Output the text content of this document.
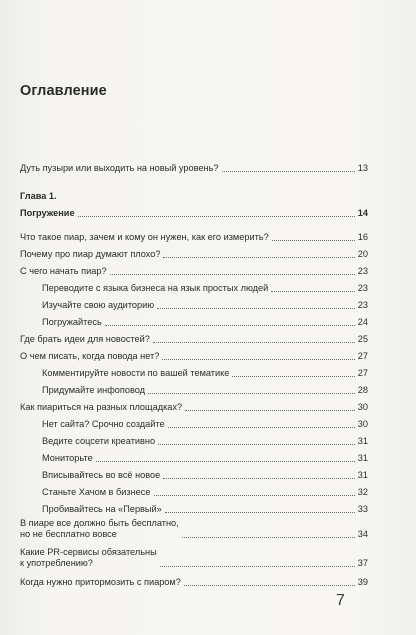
Оглавление
Дуть пузыри или выходить на новый уровень?	13
Глава 1.
Погружение	14
Что такое пиар, зачем и кому он нужен, как его измерить?	16
Почему про пиар думают плохо?	20
С чего начать пиар?	23
Переводите с языка бизнеса на язык простых людей	23
Изучайте свою аудиторию	23
Погружайтесь	24
Где брать идеи для новостей?	25
О чем писать, когда повода нет?	27
Комментируйте новости по вашей тематике	27
Придумайте инфоповод	28
Как пиариться на разных площадках?	30
Нет сайта? Срочно создайте	30
Ведите соцсети креативно	31
Мониторьте	31
Вписывайтесь во всё новое	31
Станьте Хачом в бизнесе	32
Пробивайтесь на «Первый»	33
В пиаре все должно быть бесплатно,
но не бесплатно вовсе	34
Какие PR-сервисы обязательны
к употреблению?	37
Когда нужно притормозить с пиаром?	39
7
